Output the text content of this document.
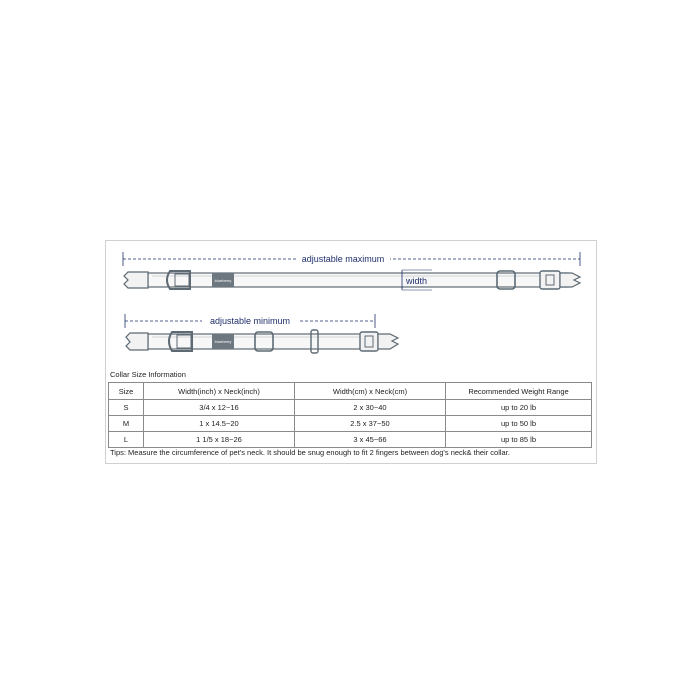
adjustable maximum
blueberry	width
adjustable minimum
blueberry
Collar Size Information
Size	Width(inch) x Neck(inch)	Width(cm) x Neck(cm)	Recommended Weight Range
S	3/4 x 12~16	2 x 30~40	up to 20 lb
M	1 x 14.5~20	2.5 x 37~50	up to 50 lb
L	1 1/5 x 18~26	3 x 45~66	up to 85 lb
Tips: Measure the circumference of pet's neck. It should be snug enough to fit 2 fingers between dog's neck& their collar.
